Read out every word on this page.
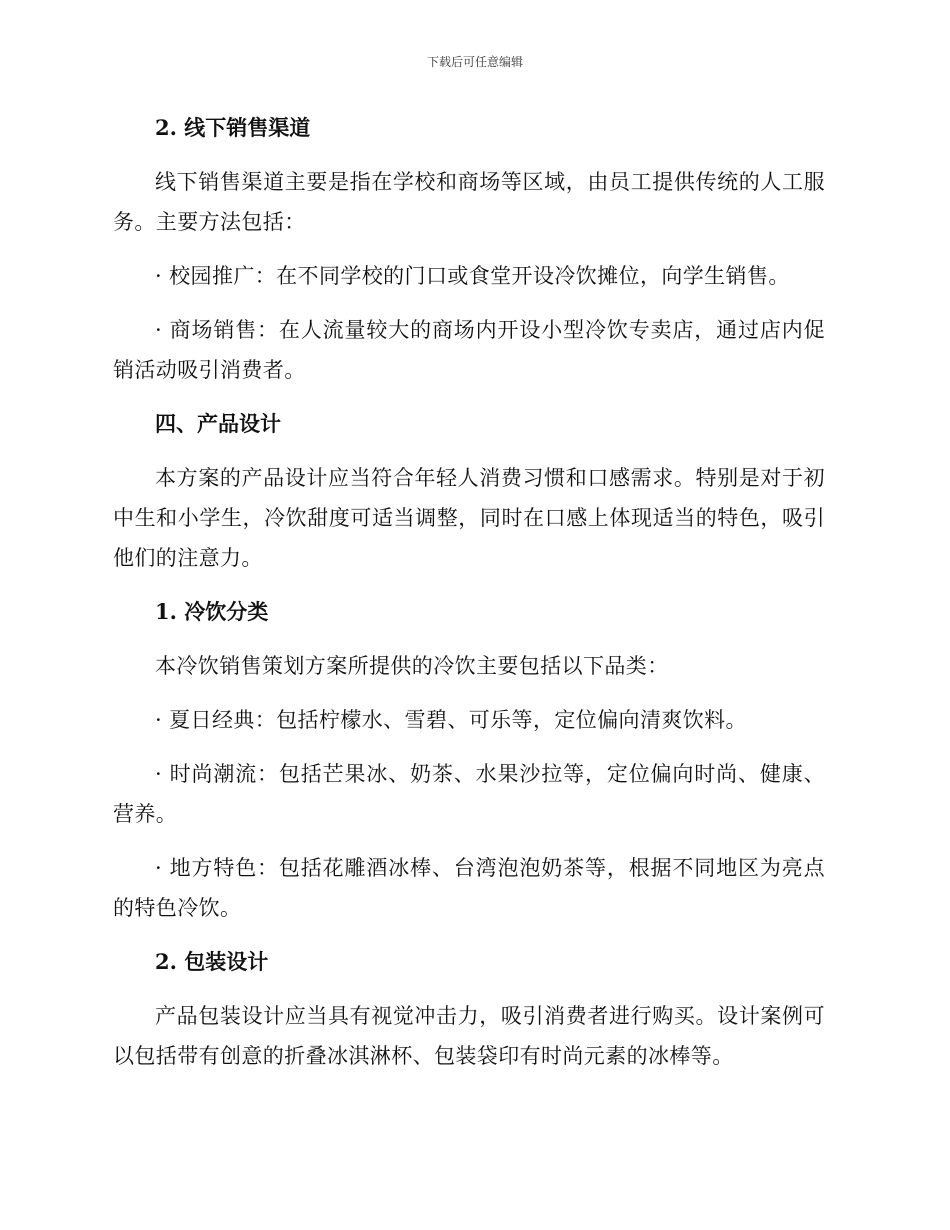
下载后可任意编辑
2. 线下销售渠道
线下销售渠道主要是指在学校和商场等区域，由员工提供传统的人工服务。主要方法包括：
· 校园推广：在不同学校的门口或食堂开设冷饮摊位，向学生销售。
· 商场销售：在人流量较大的商场内开设小型冷饮专卖店，通过店内促销活动吸引消费者。
四、产品设计
本方案的产品设计应当符合年轻人消费习惯和口感需求。特别是对于初中生和小学生，冷饮甜度可适当调整，同时在口感上体现适当的特色，吸引他们的注意力。
1. 冷饮分类
本冷饮销售策划方案所提供的冷饮主要包括以下品类：
· 夏日经典：包括柠檬水、雪碧、可乐等，定位偏向清爽饮料。
· 时尚潮流：包括芒果冰、奶茶、水果沙拉等，定位偏向时尚、健康、营养。
· 地方特色：包括花雕酒冰棒、台湾泡泡奶茶等，根据不同地区为亮点的特色冷饮。
2. 包装设计
产品包装设计应当具有视觉冲击力，吸引消费者进行购买。设计案例可以包括带有创意的折叠冰淇淋杯、包装袋印有时尚元素的冰棒等。
